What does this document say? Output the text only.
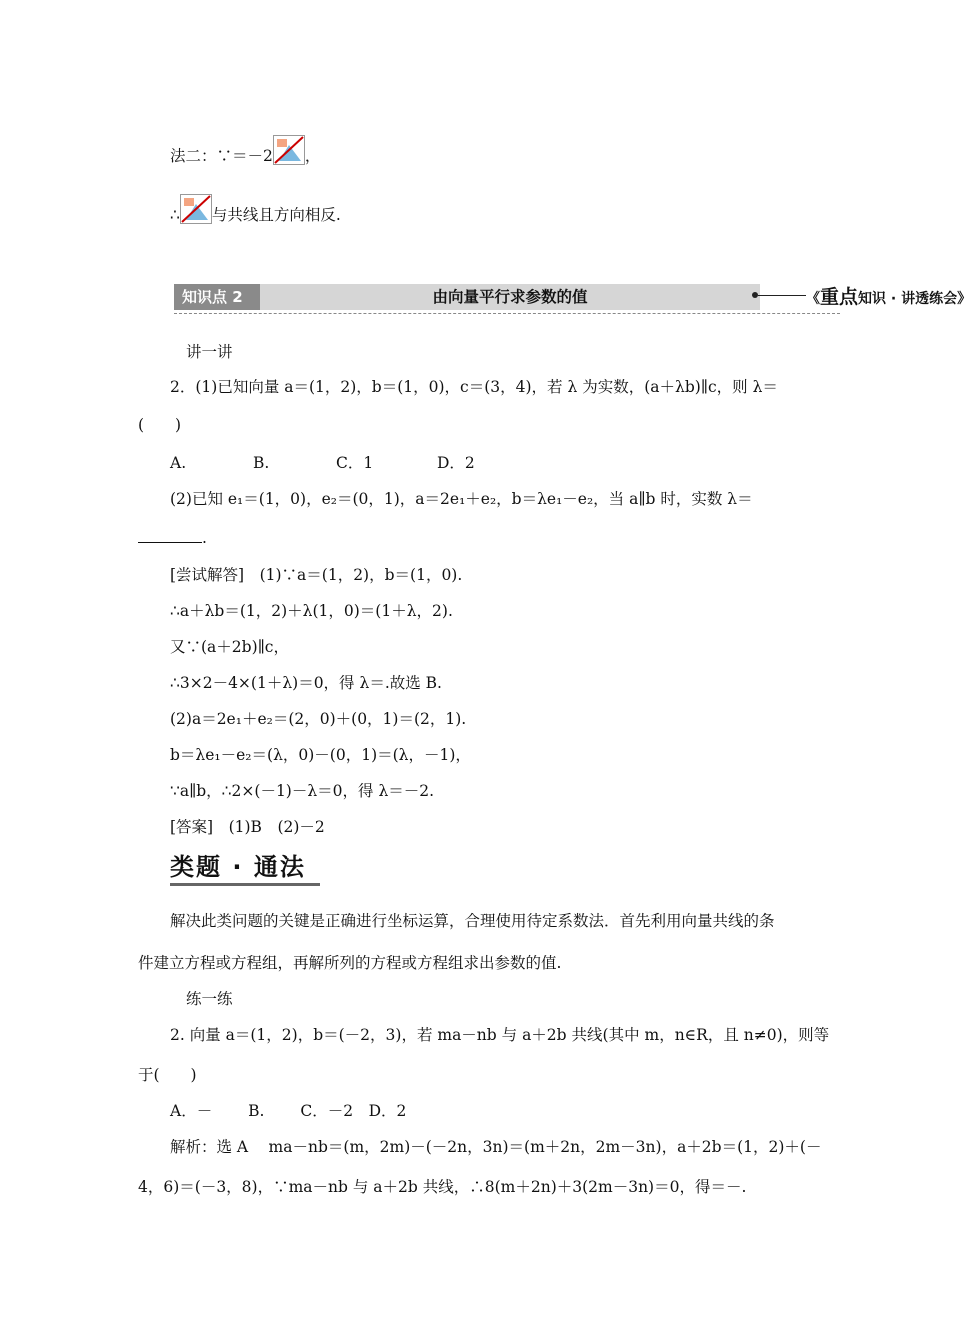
法二：∵＝－2 ，
∴ 与共线且方向相反.
知识点 2	由向量平行求参数的值	《重点知识 · 讲透练会》
讲一讲
2．(1)已知向量 a＝(1，2)，b＝(1，0)，c＝(3，4)，若 λ 为实数，(a＋λb)∥c，则 λ＝
(　　)
A.	B.	C．1	D．2
(2)已知 e₁＝(1，0)，e₂＝(0，1)，a＝2e₁＋e₂，b＝λe₁－e₂，当 a∥b 时，实数 λ＝
.
[尝试解答]　(1)∵a＝(1，2)，b＝(1，0).
∴a＋λb＝(1，2)＋λ(1，0)＝(1＋λ，2).
又∵(a＋2b)∥c，
∴3×2－4×(1＋λ)＝0，得 λ＝.故选 B.
(2)a＝2e₁＋e₂＝(2，0)＋(0，1)＝(2，1).
b＝λe₁－e₂＝(λ，0)－(0，1)＝(λ，－1)，
∵a∥b，∴2×(－1)－λ＝0，得 λ＝－2.
[答案]　(1)B　(2)－2
类题 · 通法
解决此类问题的关键是正确进行坐标运算，合理使用待定系数法．首先利用向量共线的条
件建立方程或方程组，再解所列的方程或方程组求出参数的值.
练一练
2. 向量 a＝(1，2)，b＝(－2，3)，若 ma－nb 与 a＋2b 共线(其中 m，n∈R，且 n≠0)，则等
于(　　)
A．－　　 B.　　 C．－2　D．2
解析：选 A　 ma－nb＝(m，2m)－(－2n，3n)＝(m＋2n，2m－3n)，a＋2b＝(1，2)＋(－
4，6)＝(－3，8)，∵ma－nb 与 a＋2b 共线，∴8(m＋2n)＋3(2m－3n)＝0，得＝－.
